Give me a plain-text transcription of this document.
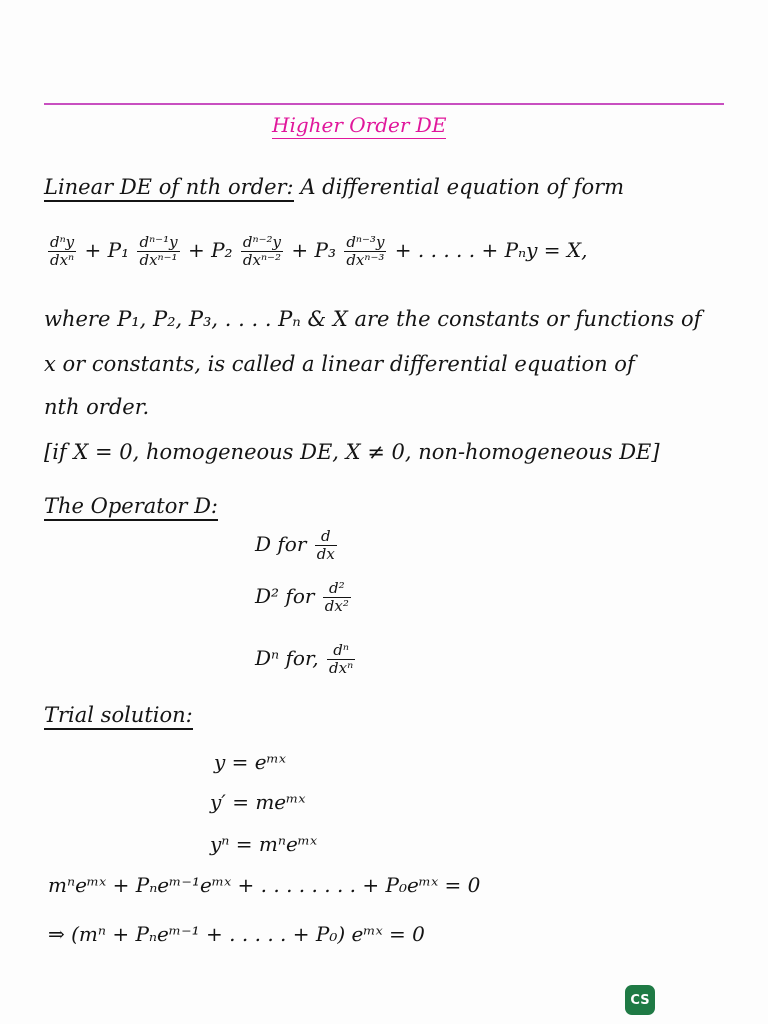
Higher Order DE
Linear DE of nth order: A differential equation of form
$\frac{\text{dⁿy}}{\text{dxⁿ}} + P_1 \frac{\text{dⁿ⁻¹y}}{\text{dxⁿ⁻¹}} + P_2 \frac{\text{dⁿ⁻²y}}{\text{dxⁿ⁻²}} + P_3 \frac{\text{dⁿ⁻³y}}{\text{dxⁿ⁻³}}$ + . . . . . + Pₙy = X,
where P₁, P₂, P₃, . . . . Pₙ & X are the constants or functions of
x or constants, is called a linear differential equation of
nth order.
[if X = 0, homogeneous DE, X ≠ 0, non-homogeneous DE]
The Operator D:
D for $\frac{d}{dx}$
D² for $\frac{\text{d²}}{\text{dx²}}$
Dⁿ for, $\frac{\text{dⁿ}}{\text{dxⁿ}}$
Trial solution:
y = eᵐˣ
y′ = meᵐˣ
yⁿ = mⁿeᵐˣ
mⁿeᵐˣ + Pₙeᵐ⁻¹eᵐˣ + . . . . . . . . + P₀eᵐˣ = 0
⇒ (mⁿ + Pₙeᵐ⁻¹ + . . . . . + P₀) eᵐˣ = 0
CS
